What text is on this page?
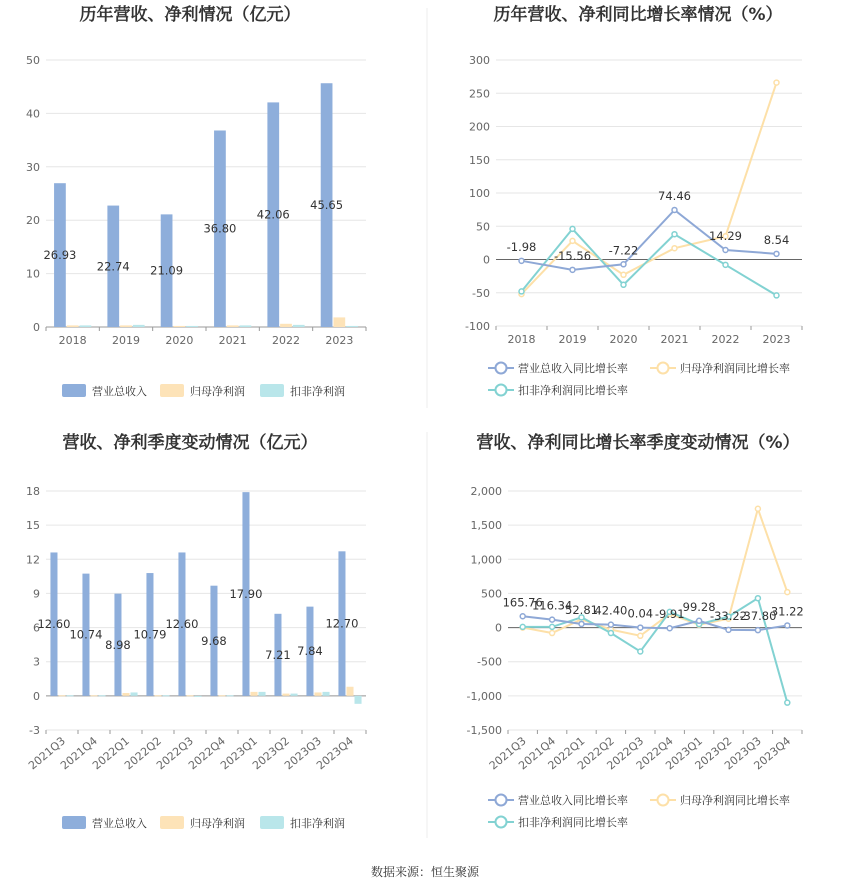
数据来源：恒生聚源
历年营收、净利情况（亿元）
0
10
20
30
40
50
2018 2019 2020 2021 2022 2023
26.93
22.74 21.09
36.80
42.06
45.65
营业总收入	归母净利润	扣非净利润
历年营收、净利同比增长率情况（%）
-100
-50
0
50
100
150
200
250
300
2018 2019 2020 2021 2022 2023
-1.98
-15.56 -7.22
74.46
14.29 8.54
营业总收入同比增长率	归母净利润同比增长率
扣非净利润同比增长率
营收、净利季度变动情况（亿元）
-3
0
3
6
9
12
15
18
2021Q3
2021Q4
2022Q1
2022Q2
2022Q3
2022Q4
2023Q1
2023Q2
2023Q3
2023Q4
12.60
10.74
8.98
10.79
12.60
9.68
17.90
7.21 7.84
12.70
营业总收入	归母净利润	扣非净利润
营收、净利同比增长率季度变动情况（%）
-1,500
-1,000
-500
0
500
1,000
1,500
2,000
2021Q3
2021Q4
2022Q1
2022Q2
2022Q3
2022Q4
2023Q1
2023Q2
2023Q3
2023Q4
165.76
116.34
52.81
42.40 0.04 -9.91
99.28
-33.22
-37.80
31.22
营业总收入同比增长率	归母净利润同比增长率
扣非净利润同比增长率
